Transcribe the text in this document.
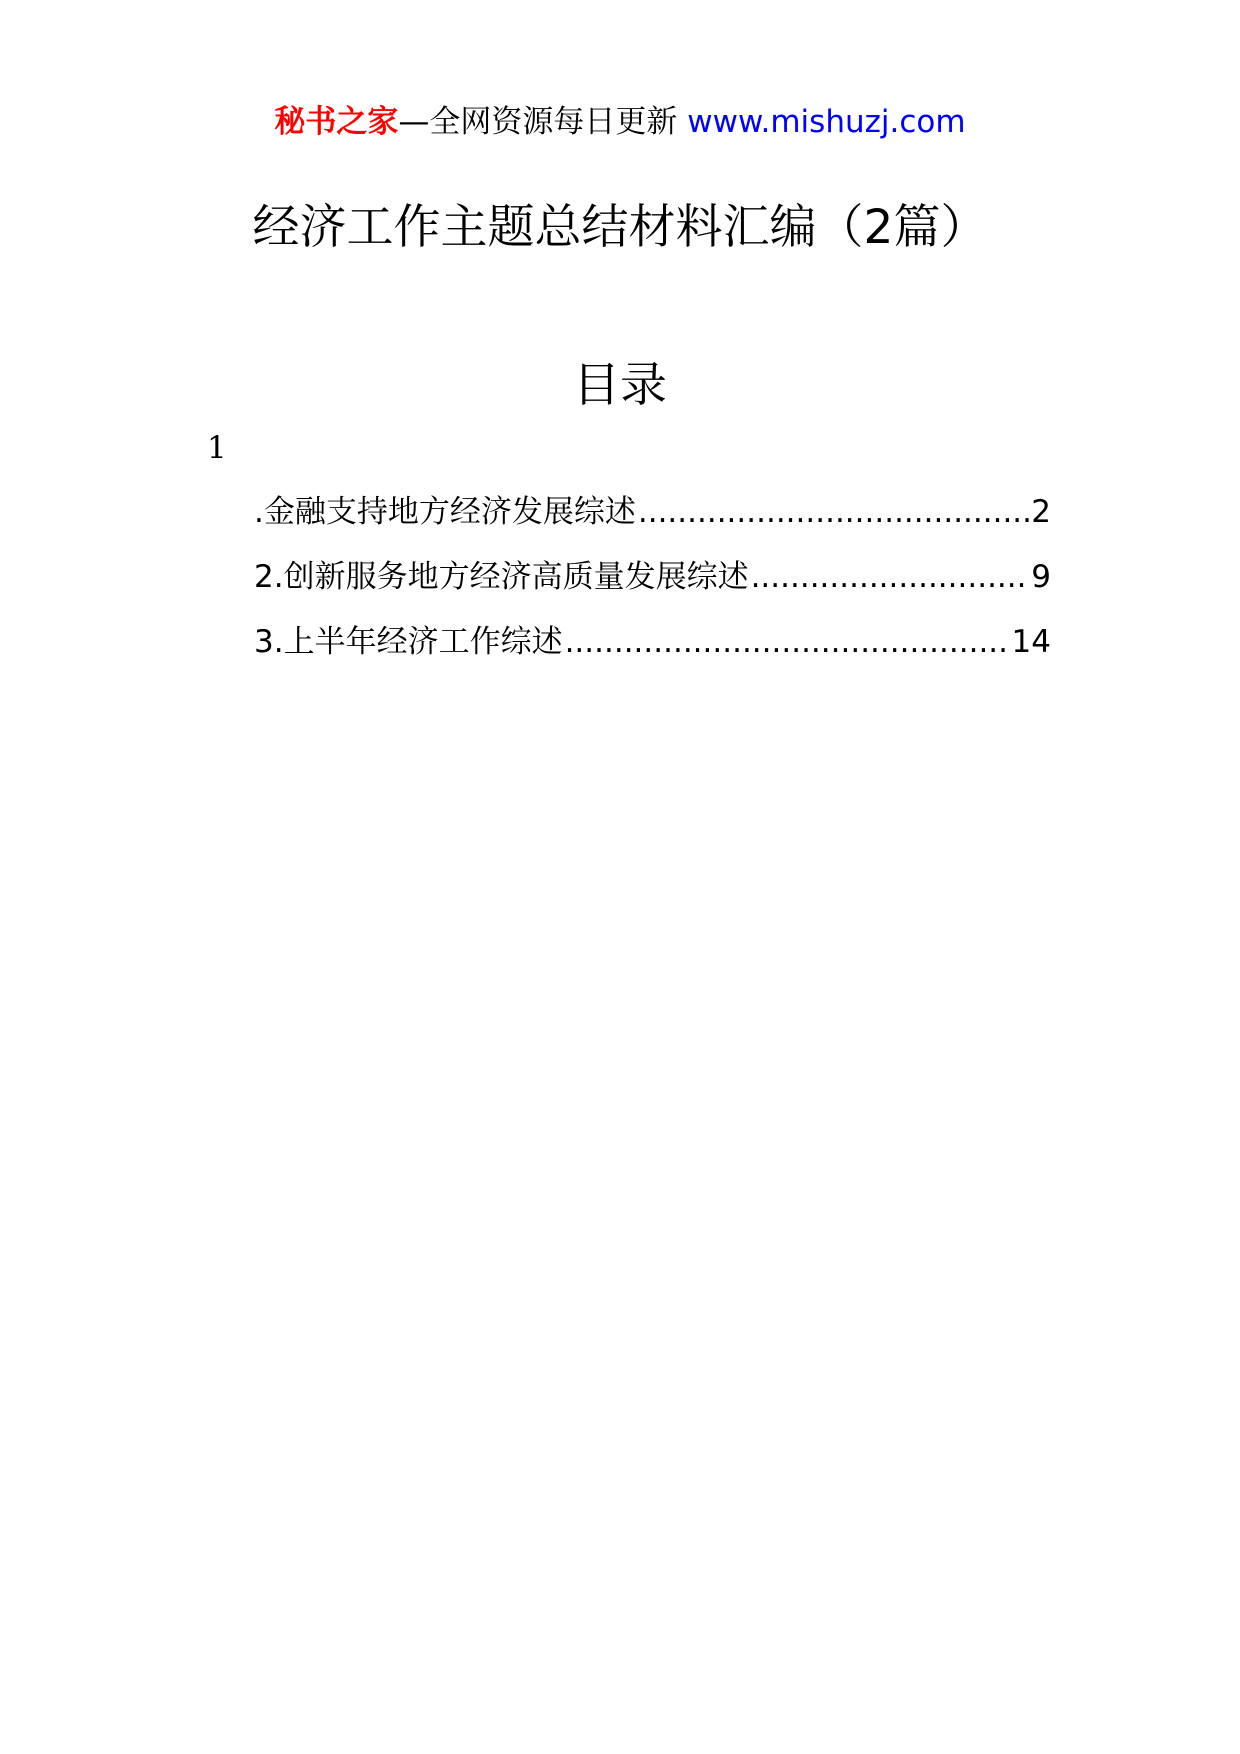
秘书之家—全网资源每日更新 www.mishuzj.com
经济工作主题总结材料汇编（2篇）
目录
1
.金融支持地方经济发展综述 .....	2
2.创新服务地方经济高质量发展综述 .....	9
3.上半年经济工作综述 .....	14
